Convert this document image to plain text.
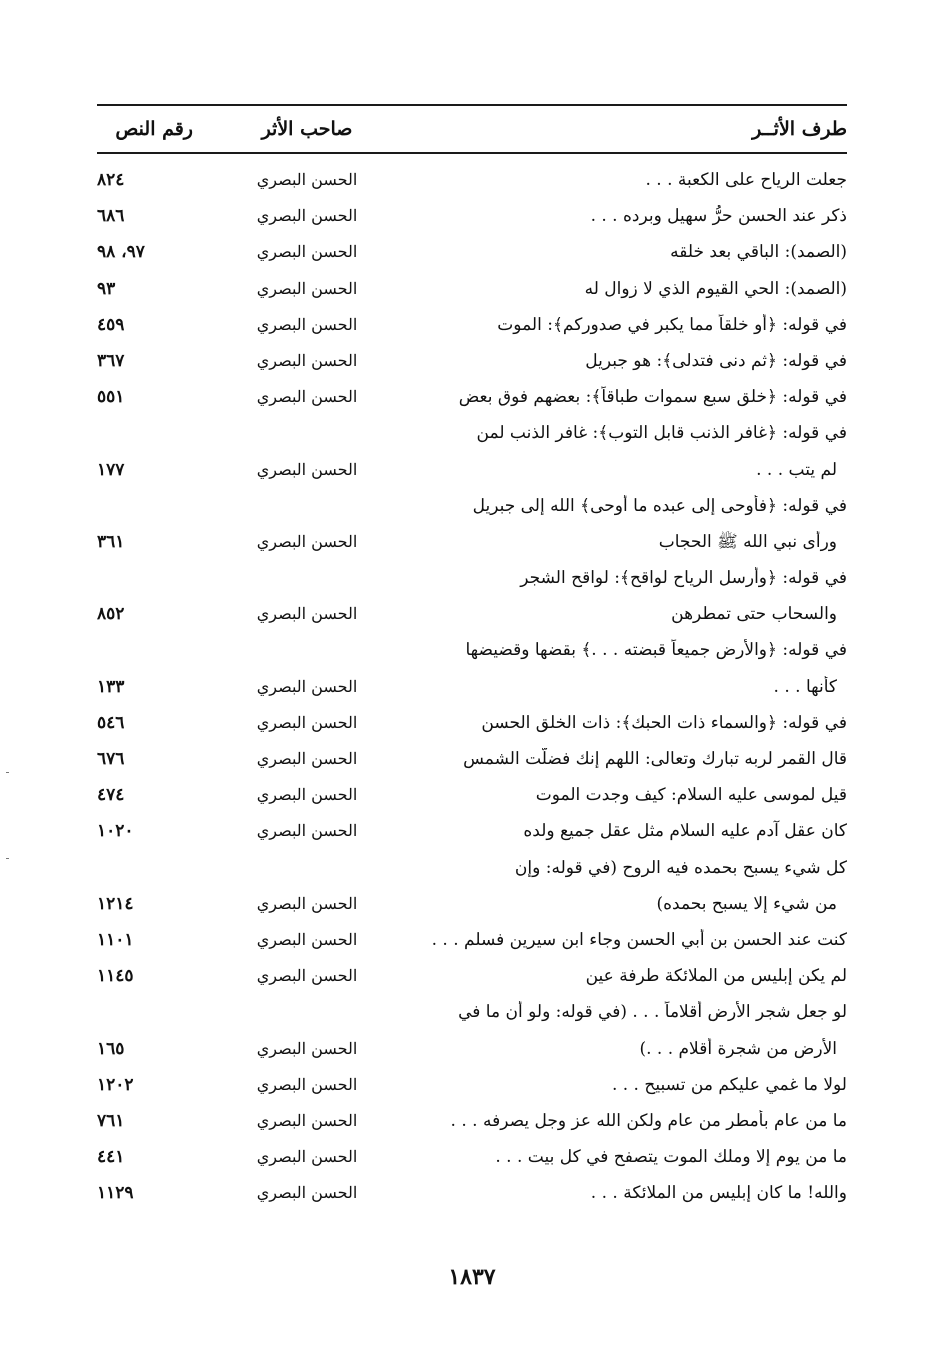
طرف الأثــر
صاحب الأثر
رقم النص
جعلت الرياح على الكعبة . . .
الحسن البصري
٨٢٤
ذكر عند الحسن حرُّ سهيل وبرده . . .
الحسن البصري
٦٨٦
(الصمد): الباقي بعد خلقه
الحسن البصري
٩٧، ٩٨
(الصمد): الحي القيوم الذي لا زوال له
الحسن البصري
٩٣
في قوله: ﴿أو خلقاً مما يكبر في صدوركم﴾: الموت
الحسن البصري
٤٥٩
في قوله: ﴿ثم دنى فتدلى﴾: هو جبريل
الحسن البصري
٣٦٧
في قوله: ﴿خلق سبع سموات طباقاً﴾: بعضهم فوق بعض
الحسن البصري
٥٥١
في قوله: ﴿غافر الذنب قابل التوب﴾: غافر الذنب لمن
لم يتب . . .
الحسن البصري
١٧٧
في قوله: ﴿فأوحى إلى عبده ما أوحى﴾ الله إلى جبريل
ورأى نبي الله ﷺ الحجاب
الحسن البصري
٣٦١
في قوله: ﴿وأرسل الرياح لواقح﴾: لواقح الشجر
والسحاب حتى تمطرهن
الحسن البصري
٨٥٢
في قوله: ﴿والأرض جميعاً قبضته . . .﴾ بقضها وقضيضها
كأنها . . .
الحسن البصري
١٣٣
في قوله: ﴿والسماء ذات الحبك﴾: ذات الخلق الحسن
الحسن البصري
٥٤٦
قال القمر لربه تبارك وتعالى: اللهم إنك فضلّت الشمس
الحسن البصري
٦٧٦
قيل لموسى عليه السلام: كيف وجدت الموت
الحسن البصري
٤٧٤
كان عقل آدم عليه السلام مثل عقل جميع ولده
الحسن البصري
١٠٢٠
كل شيء يسبح بحمده فيه الروح (في قوله: وإن
من شيء إلا يسبح بحمده)
الحسن البصري
١٢١٤
كنت عند الحسن بن أبي الحسن وجاء ابن سيرين فسلم . . .
الحسن البصري
١١٠١
لم يكن إبليس من الملائكة طرفة عين
الحسن البصري
١١٤٥
لو جعل شجر الأرض أقلاماً . . . (في قوله: ولو أن ما في
الأرض من شجرة أقلام . . .)
الحسن البصري
١٦٥
لولا ما غمي عليكم من تسبيح . . .
الحسن البصري
١٢٠٢
ما من عام بأمطر من عام ولكن الله عز وجل يصرفه . . .
الحسن البصري
٧٦١
ما من يوم إلا وملك الموت يتصفح في كل بيت . . .
الحسن البصري
٤٤١
والله! ما كان إبليس من الملائكة . . .
الحسن البصري
١١٢٩
١٨٣٧
